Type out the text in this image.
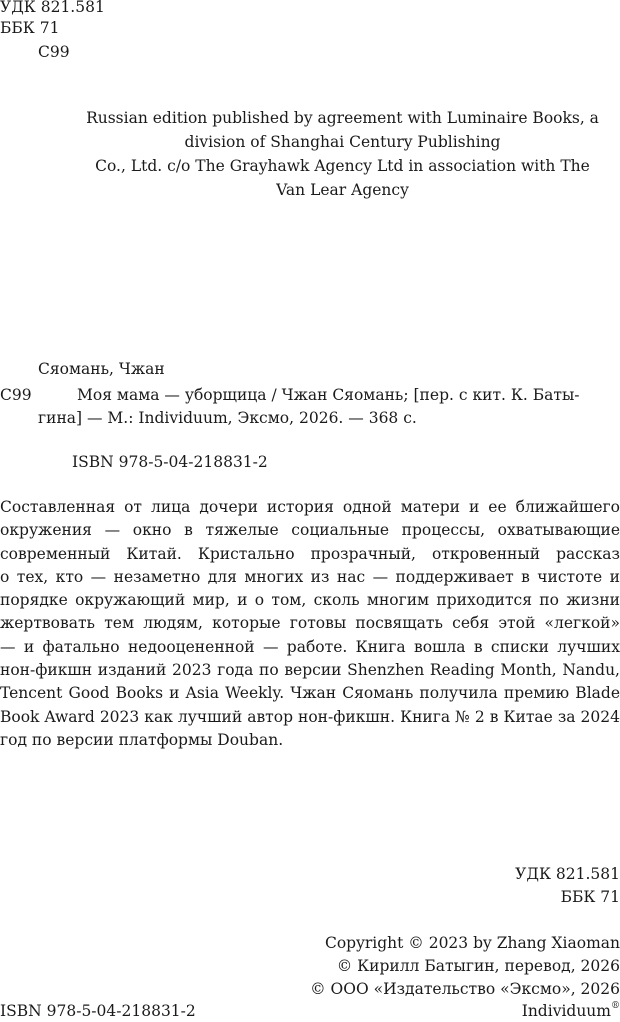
УДК 821.581
ББК 71
С99
Russian edition published by agreement with Luminaire Books, a
division of Shanghai Century Publishing
Co., Ltd. c/o The Grayhawk Agency Ltd in association with The
Van Lear Agency
Сяомань, Чжан
С99	Моя мама — уборщица / Чжан Сяомань; [пер. с кит. К. Баты-
гина] — М.: Individuum, Эксмо, 2026. — 368 с.
ISBN 978-5-04-218831-2
Составленная от лица дочери история одной матери и ее ближайшего
окружения — окно в тяжелые социальные процессы, охватывающие
современный Китай. Кристально прозрачный, откровенный рассказ
о тех, кто — незаметно для многих из нас — поддерживает в чистоте и
порядке окружающий мир, и о том, сколь многим приходится по жизни
жертвовать тем людям, которые готовы посвящать себя этой «легкой»
— и фатально недооцененной — работе. Книга вошла в списки лучших
нон-фикшн изданий 2023 года по версии Shenzhen Reading Month, Nandu,
Tencent Good Books и Asia Weekly. Чжан Сяомань получила премию Blade
Book Award 2023 как лучший автор нон-фикшн. Книга № 2 в Китае за 2024
год по версии платформы Douban.
УДК 821.581
ББК 71
Copyright © 2023 by Zhang Xiaoman
© Кирилл Батыгин, перевод, 2026
© ООО «Издательство «Эксмо», 2026
Individuum®
ISBN 978-5-04-218831-2
